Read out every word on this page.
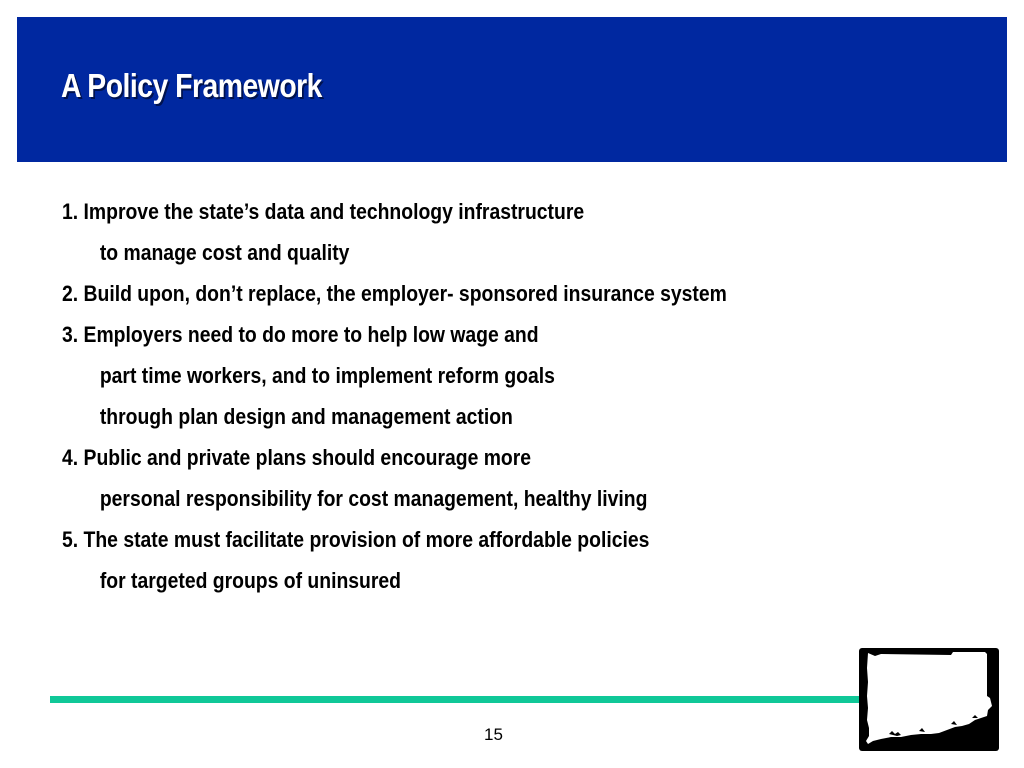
A Policy Framework
1. Improve the state’s data and technology infrastructure
to manage cost and quality
2. Build upon, don’t replace, the employer- sponsored insurance system
3. Employers need to do more to help low wage and
part time workers, and to implement reform goals
through plan design and management action
4. Public and private plans should encourage more
personal responsibility for cost management, healthy living
5. The state must facilitate provision of more affordable policies
for targeted groups of uninsured
15
